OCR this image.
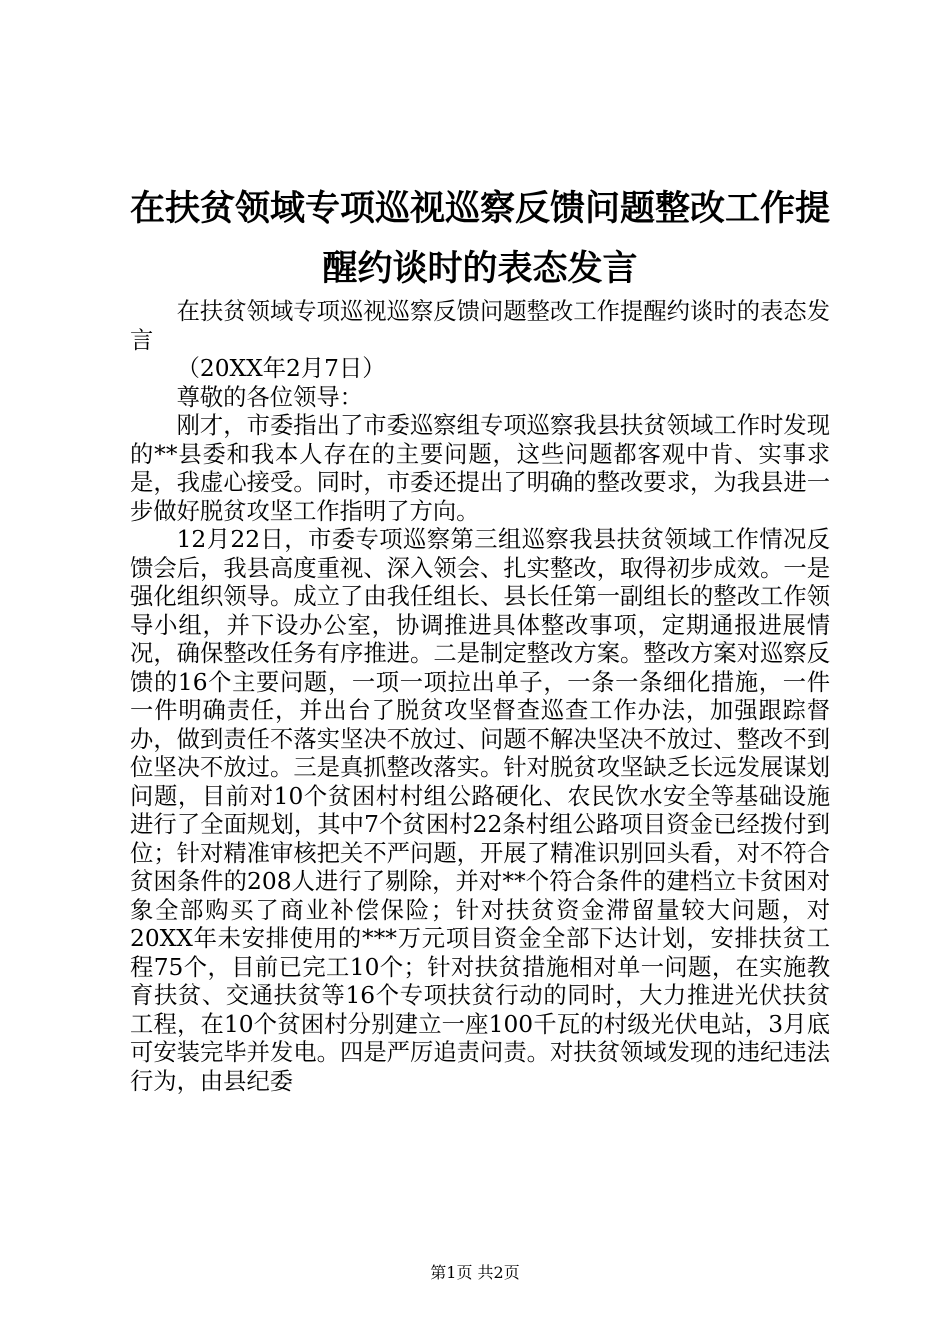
在扶贫领域专项巡视巡察反馈问题整改工作提
醒约谈时的表态发言

在扶贫领域专项巡视巡察反馈问题整改工作提醒约谈时的表态发言

（20XX年2月7日）

尊敬的各位领导：

刚才，市委指出了市委巡察组专项巡察我县扶贫领域工作时发现的**县委和我本人存在的主要问题，这些问题都客观中肯、实事求是，我虚心接受。同时，市委还提出了明确的整改要求，为我县进一步做好脱贫攻坚工作指明了方向。

12月22日，市委专项巡察第三组巡察我县扶贫领域工作情况反馈会后，我县高度重视、深入领会、扎实整改，取得初步成效。一是强化组织领导。成立了由我任组长、县长任第一副组长的整改工作领导小组，并下设办公室，协调推进具体整改事项，定期通报进展情况，确保整改任务有序推进。二是制定整改方案。整改方案对巡察反馈的16个主要问题，一项一项拉出单子，一条一条细化措施，一件一件明确责任，并出台了脱贫攻坚督查巡查工作办法，加强跟踪督办，做到责任不落实坚决不放过、问题不解决坚决不放过、整改不到位坚决不放过。三是真抓整改落实。针对脱贫攻坚缺乏长远发展谋划问题，目前对10个贫困村村组公路硬化、农民饮水安全等基础设施进行了全面规划，其中7个贫困村22条村组公路项目资金已经拨付到位；针对精准审核把关不严问题，开展了精准识别回头看，对不符合贫困条件的208人进行了剔除，并对**个符合条件的建档立卡贫困对象全部购买了商业补偿保险；针对扶贫资金滞留量较大问题，对20XX年未安排使用的***万元项目资金全部下达计划，安排扶贫工程75个，目前已完工10个；针对扶贫措施相对单一问题，在实施教育扶贫、交通扶贫等16个专项扶贫行动的同时，大力推进光伏扶贫工程，在10个贫困村分别建立一座100千瓦的村级光伏电站，3月底可安装完毕并发电。四是严厉追责问责。对扶贫领域发现的违纪违法行为，由县纪委

第1页 共2页
